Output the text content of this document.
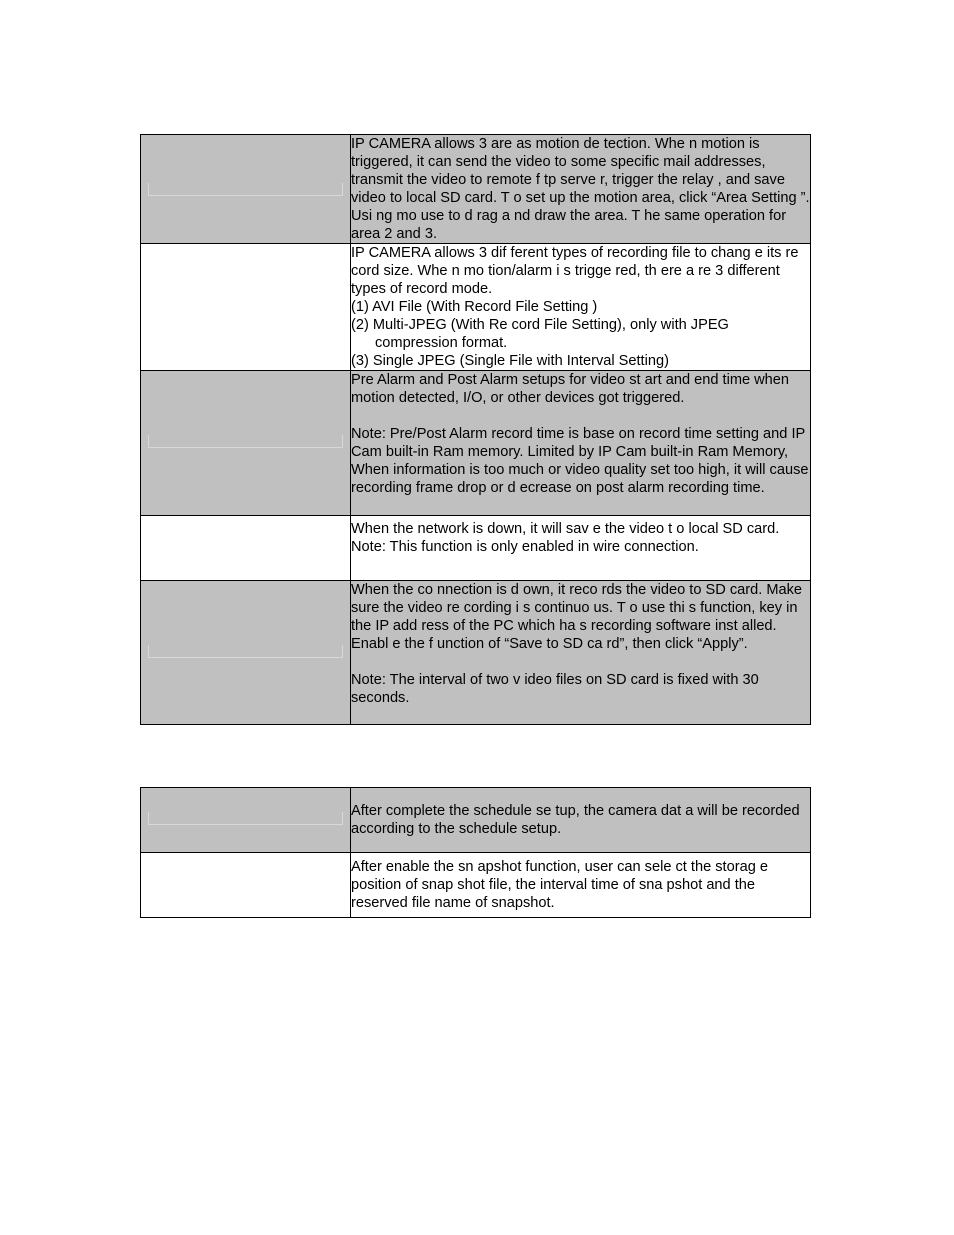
	IP CAMERA allows 3 are as motion de tection. Whe n motion is triggered, it can send the video to some specific mail addresses, transmit the video to remote f tp serve r, trigger the relay , and save video to local SD card. T o set up the motion area, click “Area Setting ”. Usi ng mo use to d rag a nd draw the area. T he same operation for area 2 and 3.

	IP CAMERA allows 3 dif ferent types of recording file to chang e its re cord size. Whe n mo tion/alarm i s trigge red, th ere a re 3 different types of record mode.

(1) AVI File (With Record File Setting )

(2) Multi-JPEG (With Re cord File Setting), only with JPEG

compression format.

(3) Single JPEG (Single File with Interval Setting)

	Pre Alarm and Post Alarm setups for video st art and end time when motion detected, I/O, or other devices got triggered.

Note: Pre/Post Alarm record time is base on record time setting and IP Cam built-in Ram memory. Limited by IP Cam built-in Ram Memory, When information is too much or video quality set too high, it will cause recording frame drop or d ecrease on post alarm recording time.

	When the network is down, it will sav e the video t o local SD card.

Note: This function is only enabled in wire connection.

	When the co nnection is d own, it reco rds the video to SD card. Make sure the video re cording i s continuo us. T o use thi s function, key in the IP add ress of the PC which ha s recording software inst alled. Enabl e the f unction of “Save to SD ca rd”, then click “Apply”.

Note: The interval of two v ideo files on SD card is fixed with 30 seconds.

	After complete the schedule se tup, the camera dat a will be recorded according to the schedule setup.

	After enable the sn apshot function, user can sele ct the storag e position of snap shot file, the interval time of sna pshot and the reserved file name of snapshot.
